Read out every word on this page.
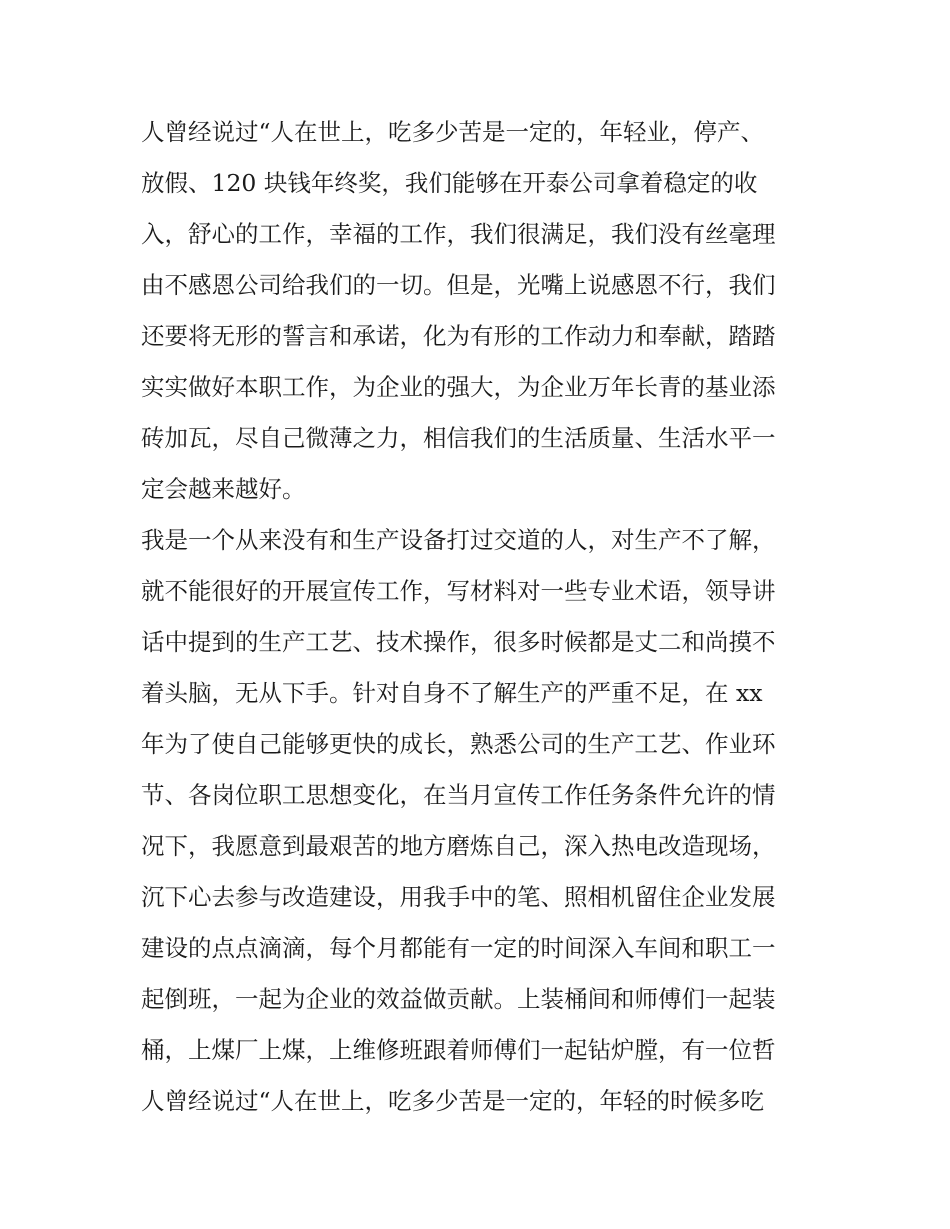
人曾经说过“人在世上，吃多少苦是一定的，年轻业，停产、
放假、120 块钱年终奖，我们能够在开泰公司拿着稳定的收
入，舒心的工作，幸福的工作，我们很满足，我们没有丝毫理
由不感恩公司给我们的一切。但是，光嘴上说感恩不行，我们
还要将无形的誓言和承诺，化为有形的工作动力和奉献，踏踏
实实做好本职工作，为企业的强大，为企业万年长青的基业添
砖加瓦，尽自己微薄之力，相信我们的生活质量、生活水平一
定会越来越好。
我是一个从来没有和生产设备打过交道的人，对生产不了解，
就不能很好的开展宣传工作，写材料对一些专业术语，领导讲
话中提到的生产工艺、技术操作，很多时候都是丈二和尚摸不
着头脑，无从下手。针对自身不了解生产的严重不足，在 xx
年为了使自己能够更快的成长，熟悉公司的生产工艺、作业环
节、各岗位职工思想变化，在当月宣传工作任务条件允许的情
况下，我愿意到最艰苦的地方磨炼自己，深入热电改造现场，
沉下心去参与改造建设，用我手中的笔、照相机留住企业发展
建设的点点滴滴，每个月都能有一定的时间深入车间和职工一
起倒班，一起为企业的效益做贡献。上装桶间和师傅们一起装
桶，上煤厂上煤，上维修班跟着师傅们一起钻炉膛，有一位哲
人曾经说过“人在世上，吃多少苦是一定的，年轻的时候多吃
